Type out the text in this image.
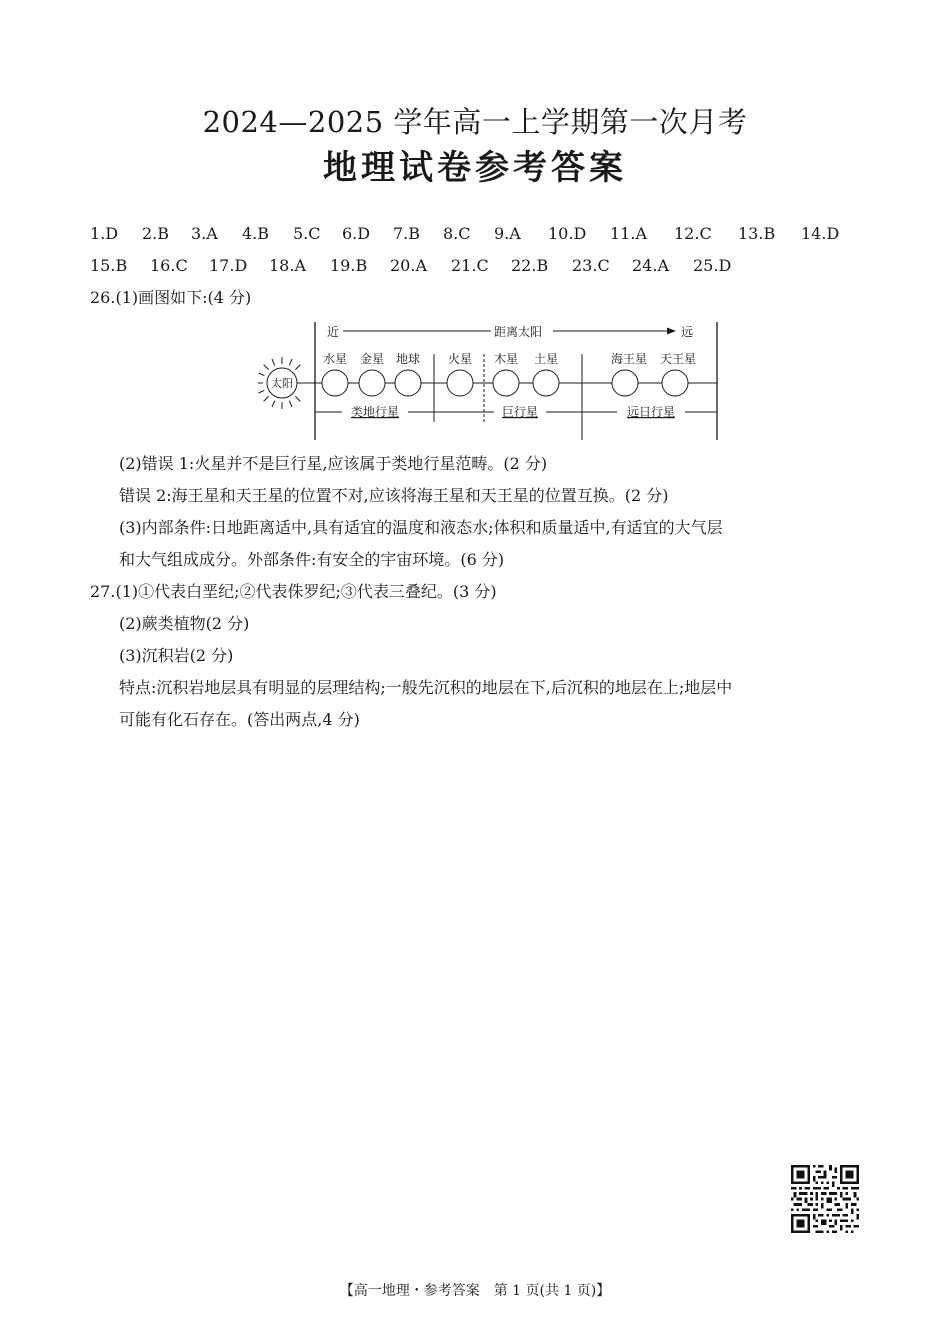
2024—2025 学年高一上学期第一次月考
地理试卷参考答案
1.D 2.B 3.A 4.B 5.C 6.D 7.B 8.C 9.A 10.D 11.A 12.C 13.B 14.D
15.B 16.C 17.D 18.A 19.B 20.A 21.C 22.B 23.C 24.A 25.D
26.(1)画图如下:(4 分)
近	距离太阳	远
太阳
水星 金星 地球 火星 木星 土星	海王星 天王星
类地行星	巨行星	远日行星
(2)错误 1:火星并不是巨行星,应该属于类地行星范畴。(2 分)
错误 2:海王星和天王星的位置不对,应该将海王星和天王星的位置互换。(2 分)
(3)内部条件:日地距离适中,具有适宜的温度和液态水;体积和质量适中,有适宜的大气层
和大气组成成分。外部条件:有安全的宇宙环境。(6 分)
27.(1)①代表白垩纪;②代表侏罗纪;③代表三叠纪。(3 分)
(2)蕨类植物(2 分)
(3)沉积岩(2 分)
特点:沉积岩地层具有明显的层理结构;一般先沉积的地层在下,后沉积的地层在上;地层中
可能有化石存在。(答出两点,4 分)
【高一地理・参考答案　第 1 页(共 1 页)】
